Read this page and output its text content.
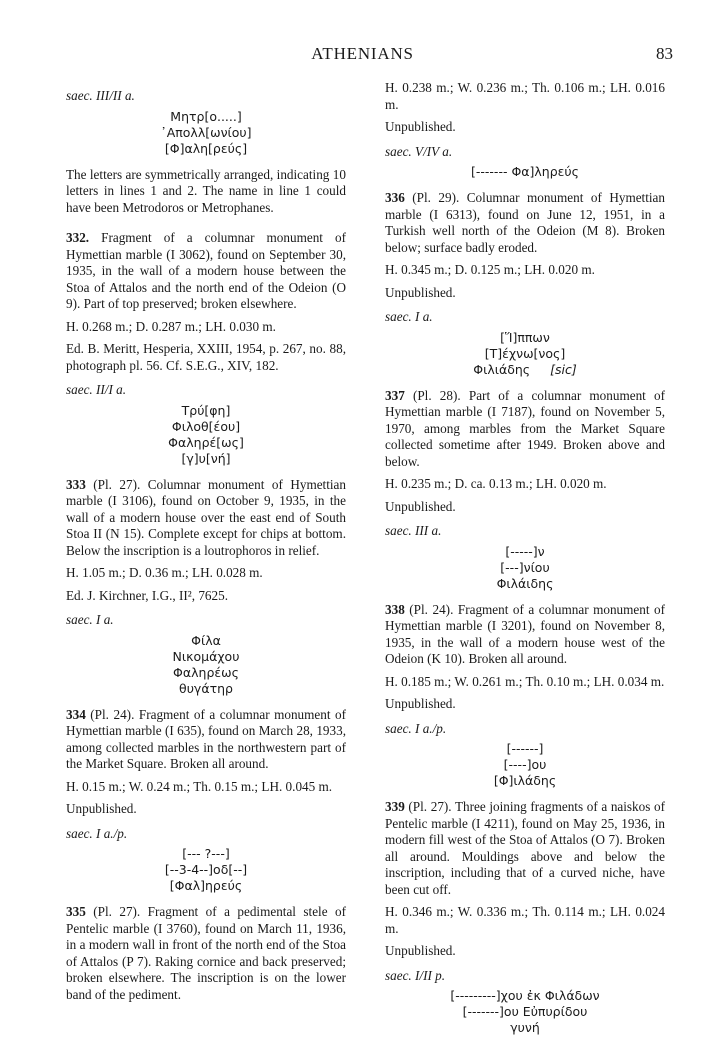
ATHENIANS	83
saec. III/II a.
Μητρ[ο.....]
᾿Απολλ[ωνίου]
[Φ]αλη[ρεύς]

The letters are symmetrically arranged, indicating 10 letters in lines 1 and 2. The name in line 1 could have been Metrodoros or Metrophanes.

332. Fragment of a columnar monument of Hymettian marble (I 3062), found on September 30, 1935, in the wall of a modern house between the Stoa of Attalos and the north end of the Odeion (O 9). Part of top preserved; broken elsewhere.

H. 0.268 m.; D. 0.287 m.; LH. 0.030 m.

Ed. B. Meritt, Hesperia, XXIII, 1954, p. 267, no. 88, photograph pl. 56. Cf. S.E.G., XIV, 182.

saec. II/I a.
Τρύ[φη]
Φιλοθ[έου]
Φαληρέ[ως]
[γ]υ[νή]

333 (Pl. 27). Columnar monument of Hymettian marble (I 3106), found on October 9, 1935, in the wall of a modern house over the east end of South Stoa II (N 15). Complete except for chips at bottom. Below the inscription is a loutrophoros in relief.

H. 1.05 m.; D. 0.36 m.; LH. 0.028 m.

Ed. J. Kirchner, I.G., II², 7625.

saec. I a.
Φίλα
Νικομάχου
Φαληρέως
θυγάτηρ

334 (Pl. 24). Fragment of a columnar monument of Hymettian marble (I 635), found on March 28, 1933, among collected marbles in the northwestern part of the Market Square. Broken all around.

H. 0.15 m.; W. 0.24 m.; Th. 0.15 m.; LH. 0.045 m.

Unpublished.

saec. I a./p.
[--- ?---]
[--3-4--]οδ[--]
[Φαλ]ηρεύς

335 (Pl. 27). Fragment of a pedimental stele of Pentelic marble (I 3760), found on March 11, 1936, in a modern wall in front of the north end of the Stoa of Attalos (P 7). Raking cornice and back preserved; broken elsewhere. The inscription is on the lower band of the pediment.

H. 0.238 m.; W. 0.236 m.; Th. 0.106 m.; LH. 0.016 m.

Unpublished.

saec. V/IV a.
[------- Φα]ληρεύς

336 (Pl. 29). Columnar monument of Hymettian marble (I 6313), found on June 12, 1951, in a Turkish well north of the Odeion (M 8). Broken below; surface badly eroded.

H. 0.345 m.; D. 0.125 m.; LH. 0.020 m.

Unpublished.

saec. I a.
[Ἵ]ππων
[Τ]έχνω[νος]
Φιλιάδης [sic]

337 (Pl. 28). Part of a columnar monument of Hymettian marble (I 7187), found on November 5, 1970, among marbles from the Market Square collected sometime after 1949. Broken above and below.

H. 0.235 m.; D. ca. 0.13 m.; LH. 0.020 m.

Unpublished.

saec. III a.
[-----]ν
[---]νίου
Φιλάιδης

338 (Pl. 24). Fragment of a columnar monument of Hymettian marble (I 3201), found on November 8, 1935, in the wall of a modern house west of the Odeion (K 10). Broken all around.

H. 0.185 m.; W. 0.261 m.; Th. 0.10 m.; LH. 0.034 m.

Unpublished.

saec. I a./p.
[------]
[----]ου
[Φ]ιλάδης

339 (Pl. 27). Three joining fragments of a naiskos of Pentelic marble (I 4211), found on May 25, 1936, in modern fill west of the Stoa of Attalos (O 7). Broken all around. Mouldings above and below the inscription, including that of a curved niche, have been cut off.

H. 0.346 m.; W. 0.336 m.; Th. 0.114 m.; LH. 0.024 m.

Unpublished.

saec. I/II p.
[---------]χου ἐκ Φιλάδων
[-------]ου Εὐπυρίδου
γυνή
